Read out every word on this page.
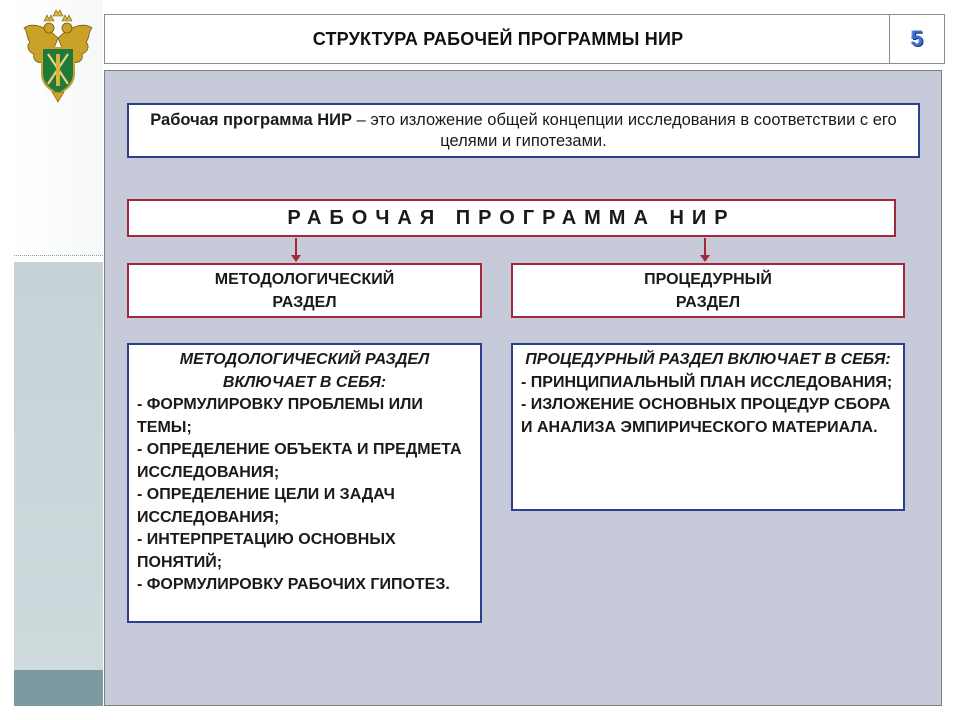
СТРУКТУРА РАБОЧЕЙ ПРОГРАММЫ НИР	5
Рабочая программа НИР – это изложение общей концепции исследования в соответствии с его целями и гипотезами.
РАБОЧАЯ ПРОГРАММА НИР
МЕТОДОЛОГИЧЕСКИЙ
РАЗДЕЛ
ПРОЦЕДУРНЫЙ
РАЗДЕЛ
МЕТОДОЛОГИЧЕСКИЙ РАЗДЕЛ ВКЛЮЧАЕТ В СЕБЯ:
- ФОРМУЛИРОВКУ ПРОБЛЕМЫ ИЛИ ТЕМЫ;
- ОПРЕДЕЛЕНИЕ ОБЪЕКТА И ПРЕДМЕТА ИССЛЕДОВАНИЯ;
- ОПРЕДЕЛЕНИЕ ЦЕЛИ И ЗАДАЧ ИССЛЕДОВАНИЯ;
- ИНТЕРПРЕТАЦИЮ ОСНОВНЫХ ПОНЯТИЙ;
- ФОРМУЛИРОВКУ РАБОЧИХ ГИПОТЕЗ.
ПРОЦЕДУРНЫЙ РАЗДЕЛ ВКЛЮЧАЕТ В СЕБЯ:
- ПРИНЦИПИАЛЬНЫЙ ПЛАН ИССЛЕДОВАНИЯ;
- ИЗЛОЖЕНИЕ ОСНОВНЫХ ПРОЦЕДУР СБОРА И АНАЛИЗА ЭМПИРИЧЕСКОГО МАТЕРИАЛА.
